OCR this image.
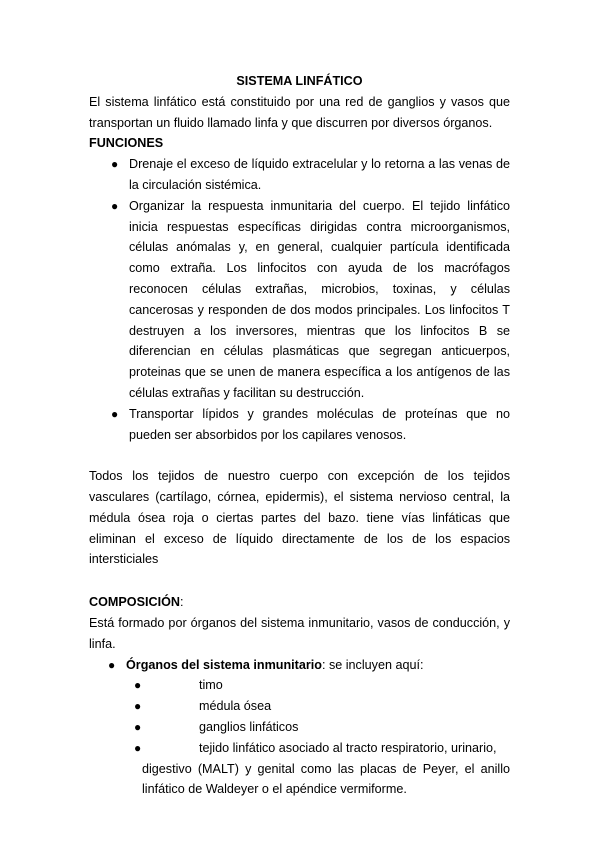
SISTEMA LINFÁTICO

El sistema linfático está constituido por una red de ganglios y vasos que transportan un fluido llamado linfa y que discurren por diversos órganos.

FUNCIONES

● Drenaje el exceso de líquido extracelular y lo retorna a las venas de la circulación sistémica.
● Organizar la respuesta inmunitaria del cuerpo. El tejido linfático inicia respuestas específicas dirigidas contra microorganismos, células anómalas y, en general, cualquier partícula identificada como extraña. Los linfocitos con ayuda de los macrófagos reconocen células extrañas, microbios, toxinas, y células cancerosas y responden de dos modos principales. Los linfocitos T destruyen a los inversores, mientras que los linfocitos B se diferencian en células plasmáticas que segregan anticuerpos, proteinas que se unen de manera específica a los antígenos de las células extrañas y facilitan su destrucción.
● Transportar lípidos y grandes moléculas de proteínas que no pueden ser absorbidos por los capilares venosos.

Todos los tejidos de nuestro cuerpo con excepción de los tejidos vasculares (cartílago, córnea, epidermis), el sistema nervioso central, la médula ósea roja o ciertas partes del bazo. tiene vías linfáticas que eliminan el exceso de líquido directamente de los de los espacios intersticiales

COMPOSICIÓN:

Está formado por órganos del sistema inmunitario, vasos de conducción, y linfa.

● Órganos del sistema inmunitario: se incluyen aquí:
●	timo
●	médula ósea
●	ganglios linfáticos
●	tejido linfático asociado al tracto respiratorio, urinario,
digestivo (MALT) y genital como las placas de Peyer, el anillo linfático de Waldeyer o el apéndice vermiforme.
